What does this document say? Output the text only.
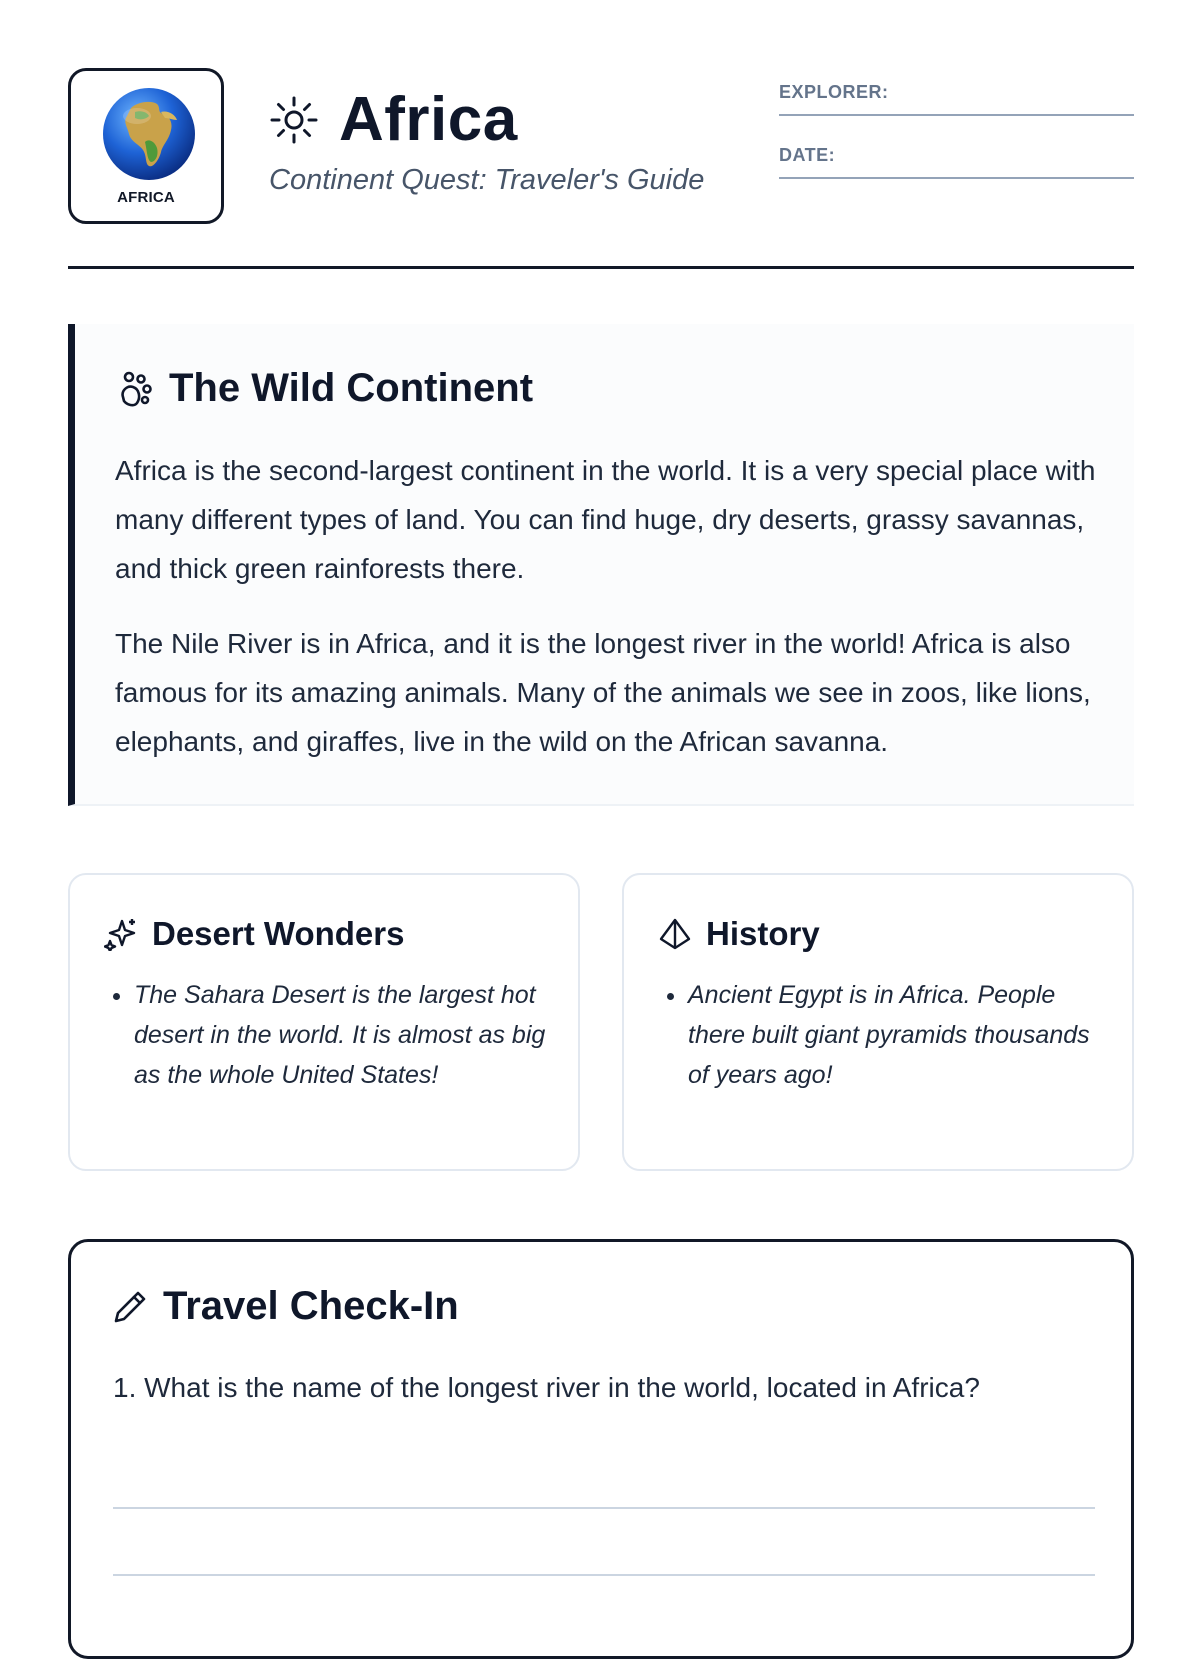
AFRICA
Africa
Continent Quest: Traveler's Guide
EXPLORER:
DATE:
The Wild Continent

Africa is the second-largest continent in the world. It is a very special place with many different types of land. You can find huge, dry deserts, grassy savannas, and thick green rainforests there.

The Nile River is in Africa, and it is the longest river in the world! Africa is also famous for its amazing animals. Many of the animals we see in zoos, like lions, elephants, and giraffes, live in the wild on the African savanna.

Desert Wonders
• The Sahara Desert is the largest hot desert in the world. It is almost as big as the whole United States!
History
• Ancient Egypt is in Africa. People there built giant pyramids thousands of years ago!
Travel Check-In
1. What is the name of the longest river in the world, located in Africa?
